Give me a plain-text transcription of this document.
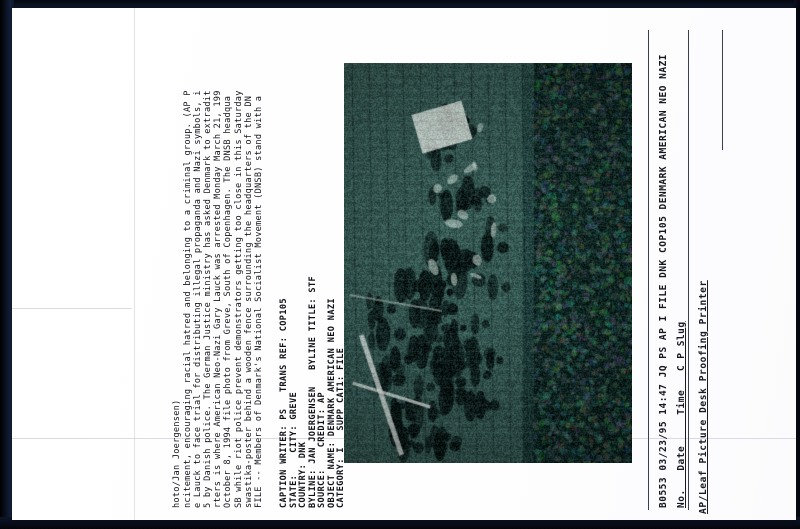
AP/Leaf Picture Desk Proofing Printer
No.   Date     Time   C P Slug
B0553 03/23/95 14:47 JQ PS AP I FILE DNK COP105 DENMARK AMERICAN NEO NAZI
CATEGORY: I   SUPP CAT1: FILE
OBJECT NAME: DENMARK AMERICAN NEO NAZI
SOURCE:    CREDIT: AP
BYLINE: JAN JOERGENSEN   BYLINE TITLE: STF
COUNTRY: DNK
STATE:    CITY: GREVE
CAPTION WRITER: PS   TRANS REF: COP105
FILE -- Members of Denmark's National Socialist Movement (DNSB) stand with a
swastika-poster behind a wooden fence surrounding the headquarters of the DN
SB while riot police prevent demonstrators getting too close in this Saturday
October 8, 1994 file photo from Greve, South of Copenhagen. The DNSB headqua
rters is where American Neo-Nazi Gary Lauck was arrested Monday March 21, 199
5 by Danish police. The German Justice ministry has asked Denmark to extradit
e Lauck to face trial for distributing illegal propaganda and Nazi symbols, i
ncitement, encouraging racial hatred and belonging to a criminal group. (AP P
hoto/Jan Joergensen)
